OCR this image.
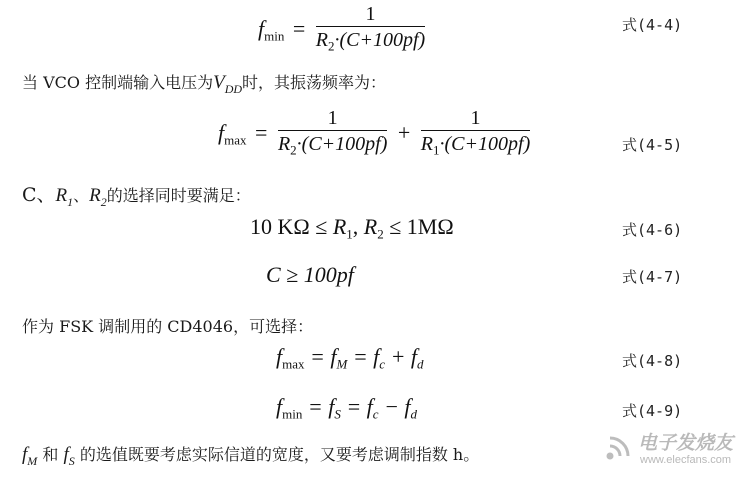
$f_{min} = \frac{1}{R_2\cdot(C+100pf)}$	式(4-4)
当 VCO 控制端输入电压为$V_{DD}$时，其振荡频率为：
$f_{max} = \frac{1}{R_2\cdot(C+100pf)} + \frac{1}{R_1\cdot(C+100pf)}$	式(4-5)
C、$R_1$、$R_2$的选择同时要满足：
10 $K\Omega \le R_1$, $R_2 \le 1M\Omega$	式(4-6)
C ≥ 100pf	式(4-7)
作为 FSK 调制用的 CD4046，可选择：
$f_{max} = f_M = f_c + f_d$	式(4-8)
$f_{min} = f_S = f_c - f_d$	式(4-9)
$f_M$ 和 $f_S$ 的选值既要考虑实际信道的宽度，又要考虑调制指数 h。
电子发烧友
www.elecfans.com
